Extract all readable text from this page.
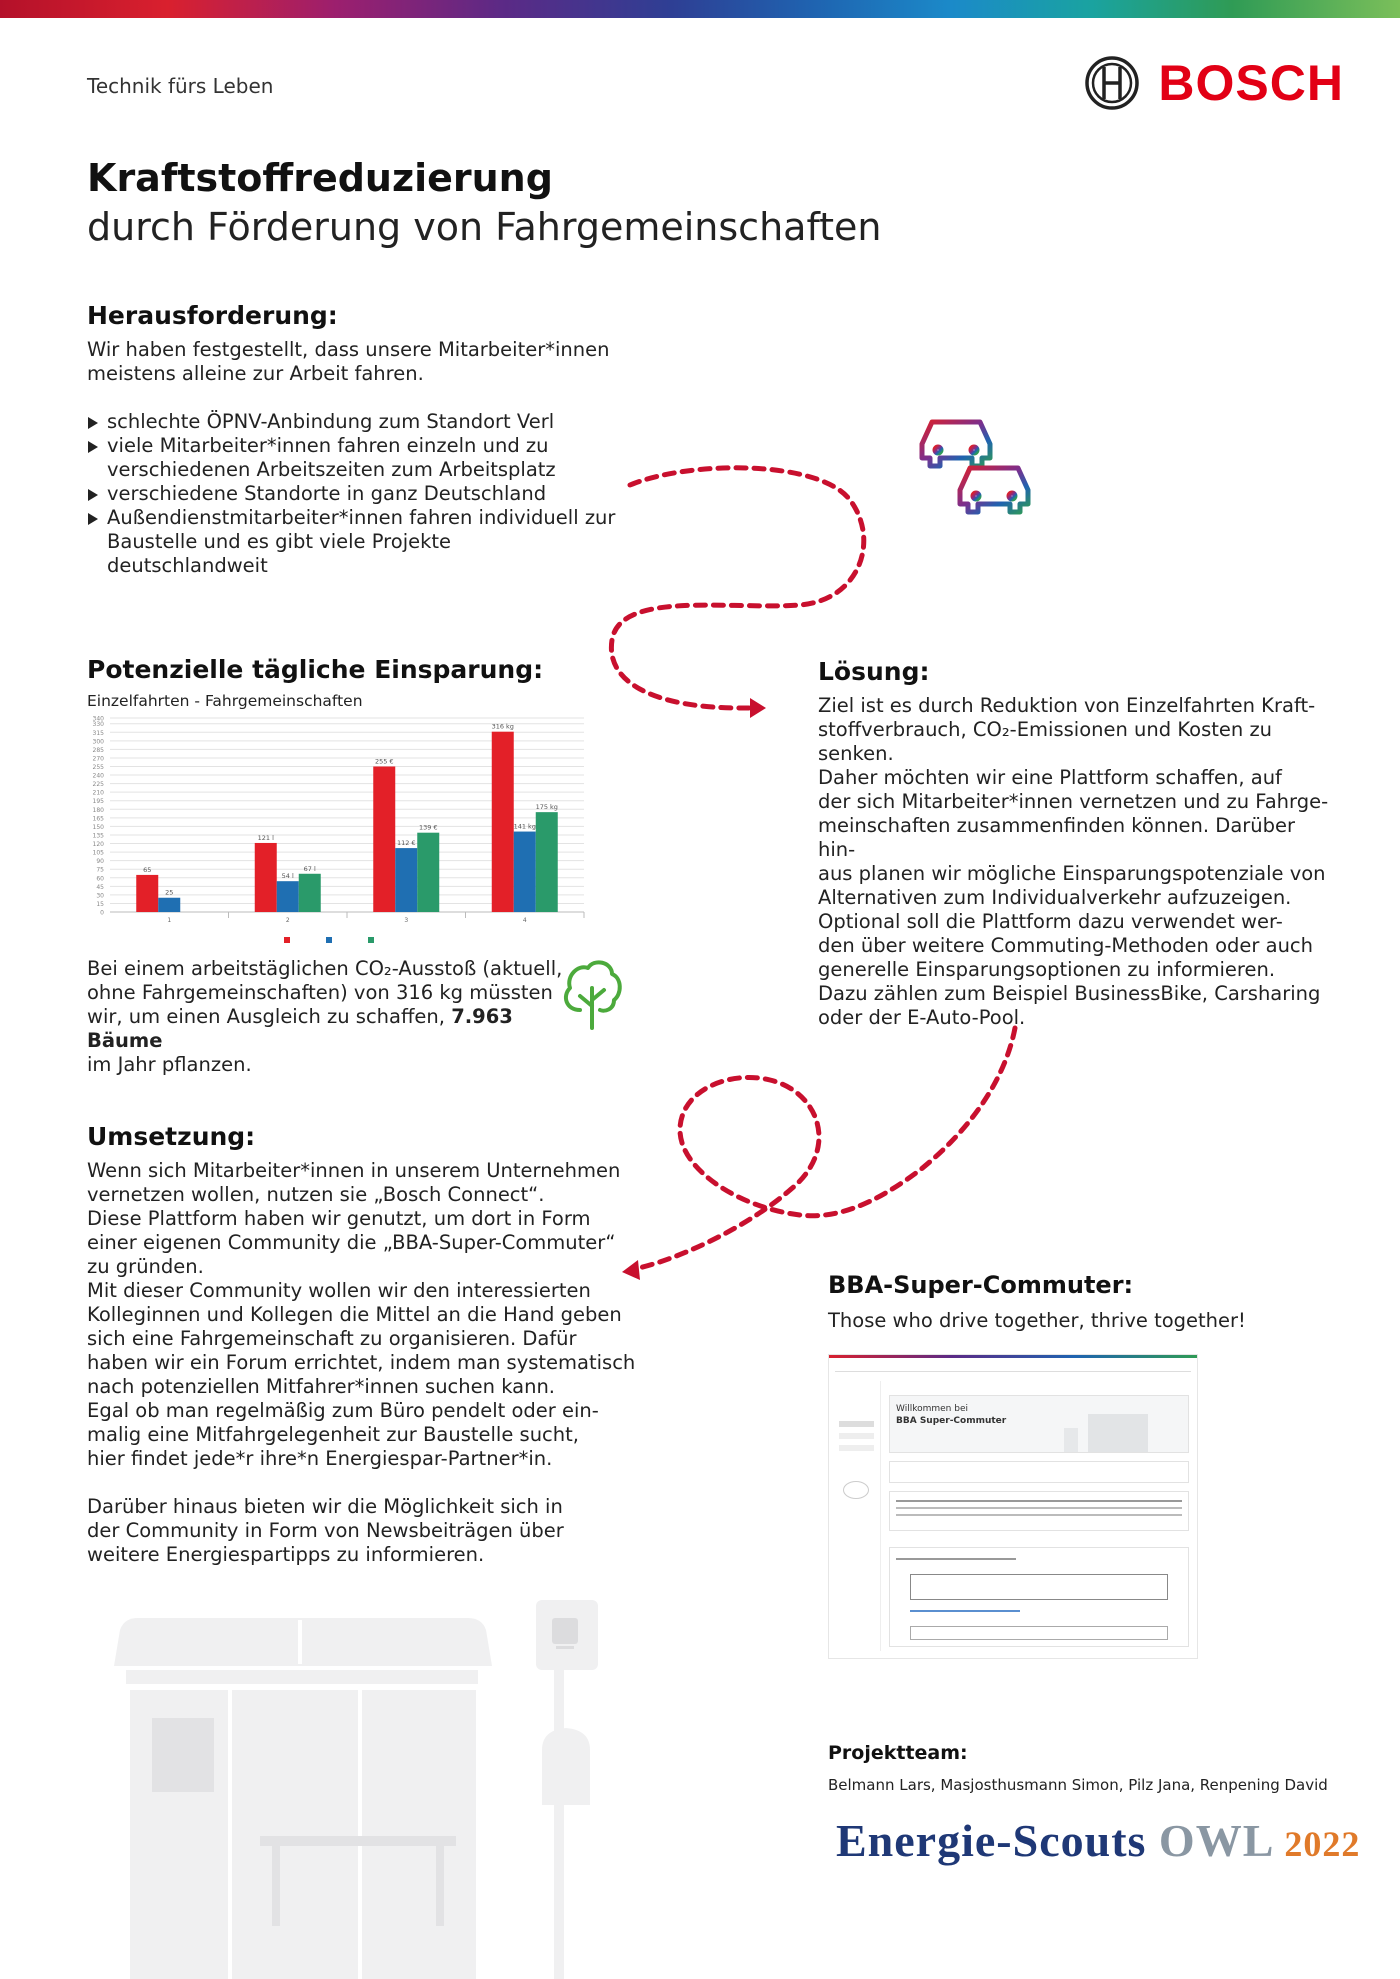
Technik fürs Leben	BOSCH
Kraftstoffreduzierung
durch Förderung von Fahrgemeinschaften
Herausforderung:
Wir haben festgestellt, dass unsere Mitarbeiter*innen meistens alleine zur Arbeit fahren.
schlechte ÖPNV-Anbindung zum Standort Verl
viele Mitarbeiter*innen fahren einzeln und zu verschiedenen Arbeitszeiten zum Arbeitsplatz
verschiedene Standorte in ganz Deutschland
Außendienstmitarbeiter*innen fahren individuell zur Baustelle und es gibt viele Projekte deutschlandweit
Potenzielle tägliche Einsparung:
Einzelfahrten - Fahrgemeinschaften
0
15
30
45
60
75
90
105
120
135
150
165
180
195
210
225
240
255
270
285
300
315
330
340
65
25
1
121 l
54 l
67 l
2
255 €
112 €
139 €
3
316 kg
141 kg
175 kg
4
Bei einem arbeitstäglichen CO₂-Ausstoß (aktuell,
ohne Fahrgemeinschaften) von 316 kg müssten
wir, um einen Ausgleich zu schaffen, 7.963 Bäume
im Jahr pflanzen.
Lösung:
Ziel ist es durch Reduktion von Einzelfahrten Kraft-
stoffverbrauch, CO₂-Emissionen und Kosten zu
senken.
Daher möchten wir eine Plattform schaffen, auf
der sich Mitarbeiter*innen vernetzen und zu Fahrge-
meinschaften zusammenfinden können. Darüber hin-
aus planen wir mögliche Einsparungspotenziale von
Alternativen zum Individualverkehr aufzuzeigen.
Optional soll die Plattform dazu verwendet wer-
den über weitere Commuting-Methoden oder auch
generelle Einsparungsoptionen zu informieren.
Dazu zählen zum Beispiel BusinessBike, Carsharing
oder der E-Auto-Pool.
Umsetzung:
Wenn sich Mitarbeiter*innen in unserem Unternehmen
vernetzen wollen, nutzen sie „Bosch Connect“.
Diese Plattform haben wir genutzt, um dort in Form
einer eigenen Community die „BBA-Super-Commuter“
zu gründen.
Mit dieser Community wollen wir den interessierten
Kolleginnen und Kollegen die Mittel an die Hand geben
sich eine Fahrgemeinschaft zu organisieren. Dafür
haben wir ein Forum errichtet, indem man systematisch
nach potenziellen Mitfahrer*innen suchen kann.
Egal ob man regelmäßig zum Büro pendelt oder ein-
malig eine Mitfahrgelegenheit zur Baustelle sucht,
hier findet jede*r ihre*n Energiespar-Partner*in.
Darüber hinaus bieten wir die Möglichkeit sich in
der Community in Form von Newsbeiträgen über
weitere Energiespartipps zu informieren.
BBA-Super-Commuter:
Those who drive together, thrive together!
Willkommen bei
BBA Super-Commuter
Projektteam:
Belmann Lars, Masjosthusmann Simon, Pilz Jana, Renpening David
Energie-Scouts OWL 2022
